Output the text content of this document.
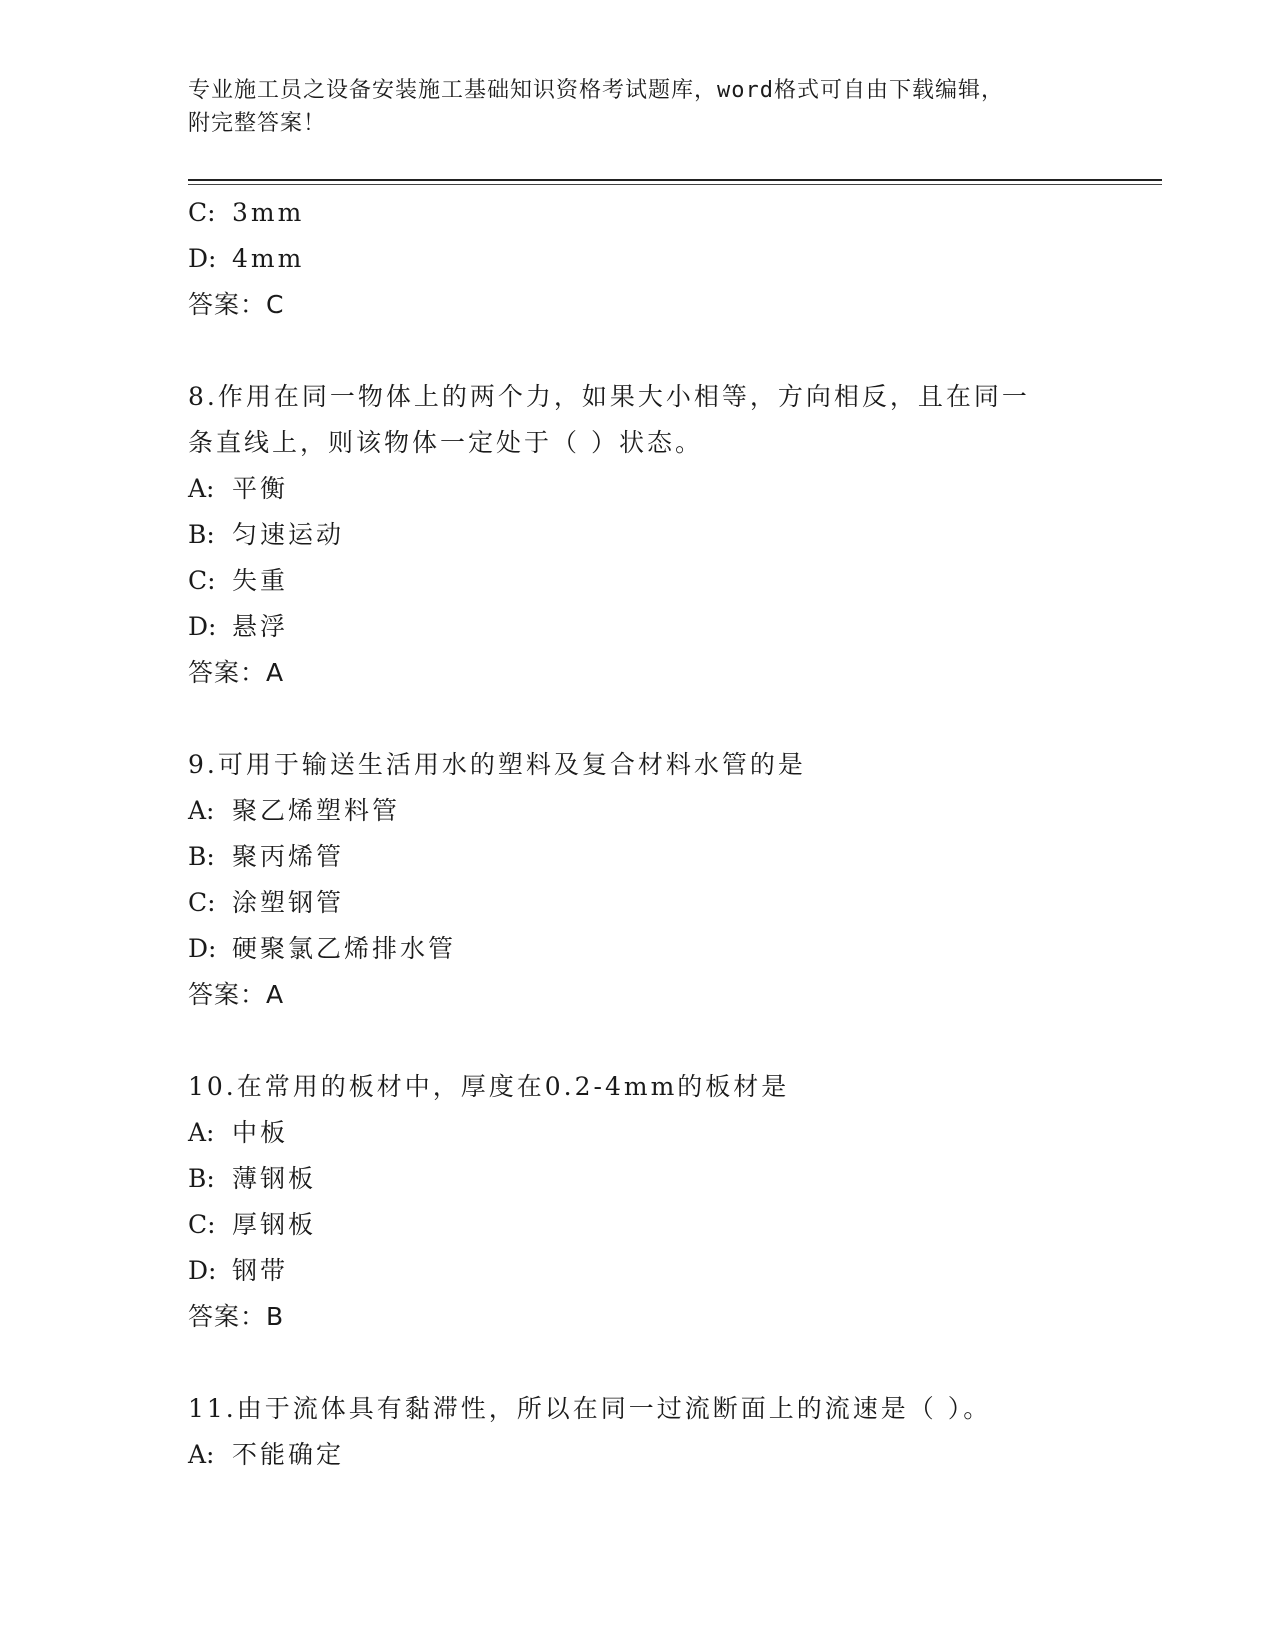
专业施工员之设备安装施工基础知识资格考试题库，word格式可自由下载编辑，
附完整答案！
C: 3mm
D: 4mm
答案：C
8.作用在同一物体上的两个力，如果大小相等，方向相反，且在同一
条直线上，则该物体一定处于（ ）状态。
A: 平衡
B: 匀速运动
C: 失重
D: 悬浮
答案：A
9.可用于输送生活用水的塑料及复合材料水管的是
A: 聚乙烯塑料管
B: 聚丙烯管
C: 涂塑钢管
D: 硬聚氯乙烯排水管
答案：A
10.在常用的板材中，厚度在0.2-4mm的板材是
A: 中板
B: 薄钢板
C: 厚钢板
D: 钢带
答案：B
11.由于流体具有黏滞性，所以在同一过流断面上的流速是（ ）。
A: 不能确定
